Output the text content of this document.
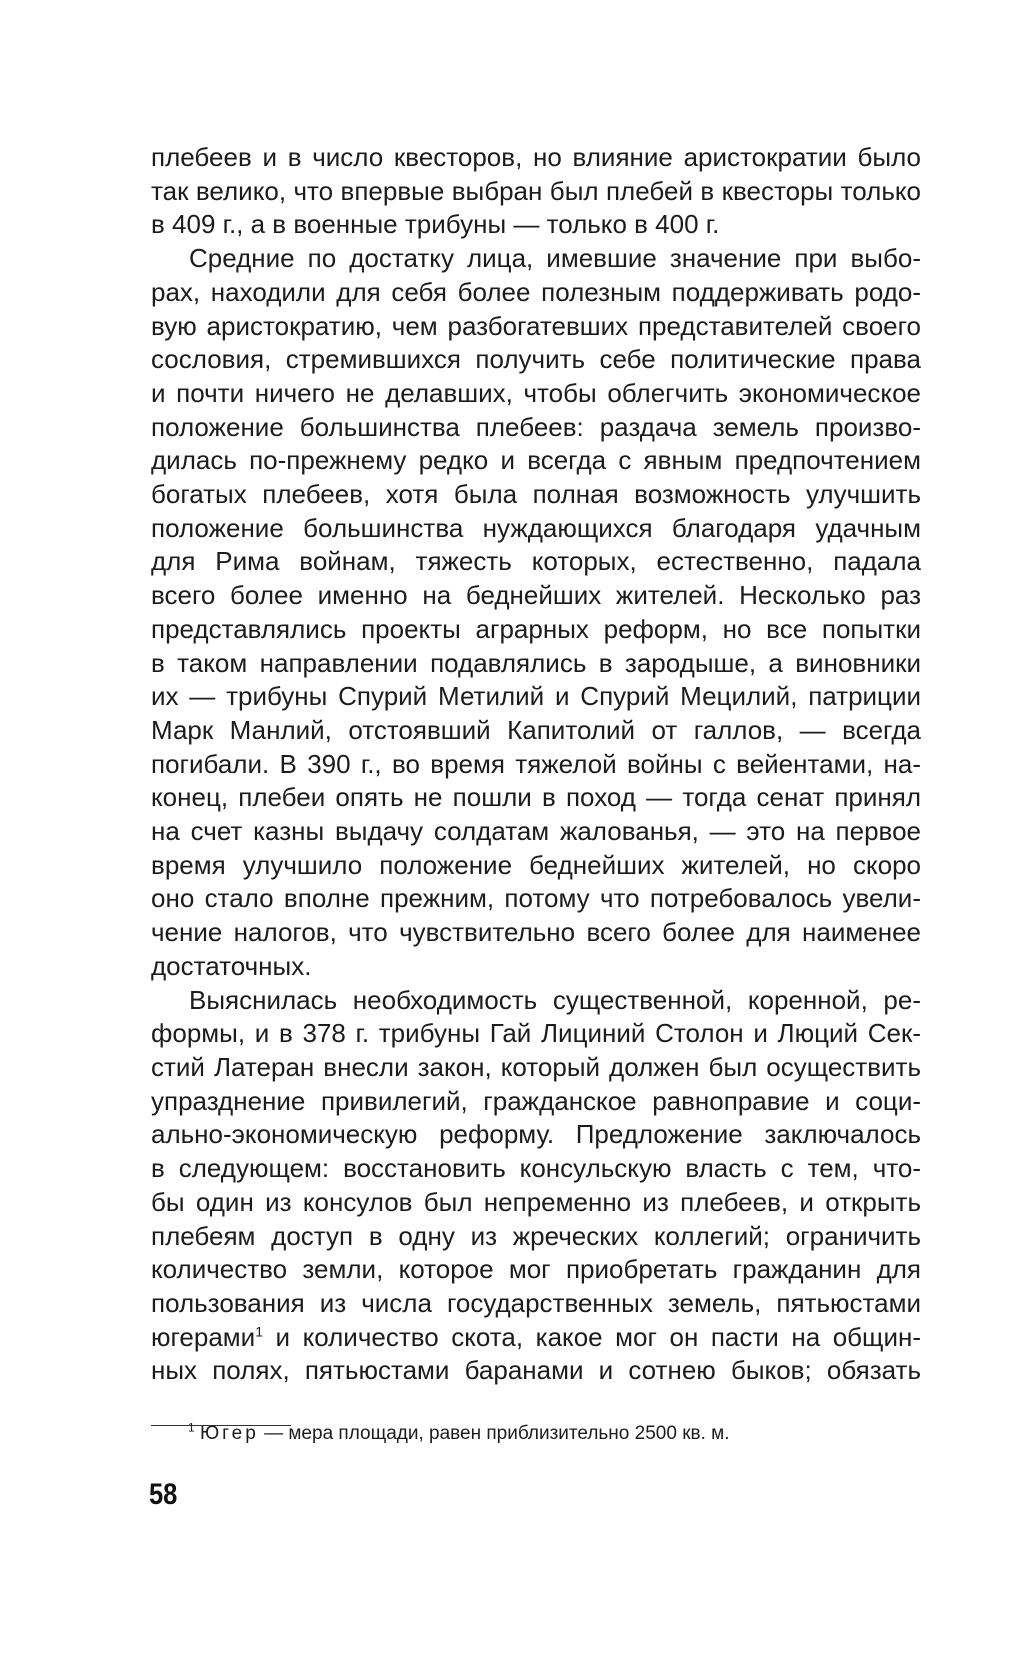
плебеев и в число квесторов, но влияние аристократии было
так велико, что впервые выбран был плебей в квесторы только
в 409 г., а в военные трибуны — только в 400 г.

Средние по достатку лица, имевшие значение при выбо-
рах, находили для себя более полезным поддерживать родо-
вую аристократию, чем разбогатевших представителей своего
сословия, стремившихся получить себе политические права
и почти ничего не делавших, чтобы облегчить экономическое
положение большинства плебеев: раздача земель произво-
дилась по-прежнему редко и всегда с явным предпочтением
богатых плебеев, хотя была полная возможность улучшить
положение большинства нуждающихся благодаря удачным
для Рима войнам, тяжесть которых, естественно, падала
всего более именно на беднейших жителей. Несколько раз
представлялись проекты аграрных реформ, но все попытки
в таком направлении подавлялись в зародыше, а виновники
их — трибуны Спурий Метилий и Спурий Мецилий, патриции
Марк Манлий, отстоявший Капитолий от галлов, — всегда
погибали. В 390 г., во время тяжелой войны с вейентами, на-
конец, плебеи опять не пошли в поход — тогда сенат принял
на счет казны выдачу солдатам жалованья, — это на первое
время улучшило положение беднейших жителей, но скоро
оно стало вполне прежним, потому что потребовалось увели-
чение налогов, что чувствительно всего более для наименее
достаточных.

Выяснилась необходимость существенной, коренной, ре-
формы, и в 378 г. трибуны Гай Лициний Столон и Люций Сек-
стий Латеран внесли закон, который должен был осуществить
упразднение привилегий, гражданское равноправие и соци-
ально-экономическую реформу. Предложение заключалось
в следующем: восстановить консульскую власть с тем, что-
бы один из консулов был непременно из плебеев, и открыть
плебеям доступ в одну из жреческих коллегий; ограничить
количество земли, которое мог приобретать гражданин для
пользования из числа государственных земель, пятьюстами
югерами$^1$ и количество скота, какое мог он пасти на общин-
ных полях, пятьюстами баранами и сотнею быков; обязать

$^1$ Югер — мера площади, равен приблизительно 2500 кв. м.
58
